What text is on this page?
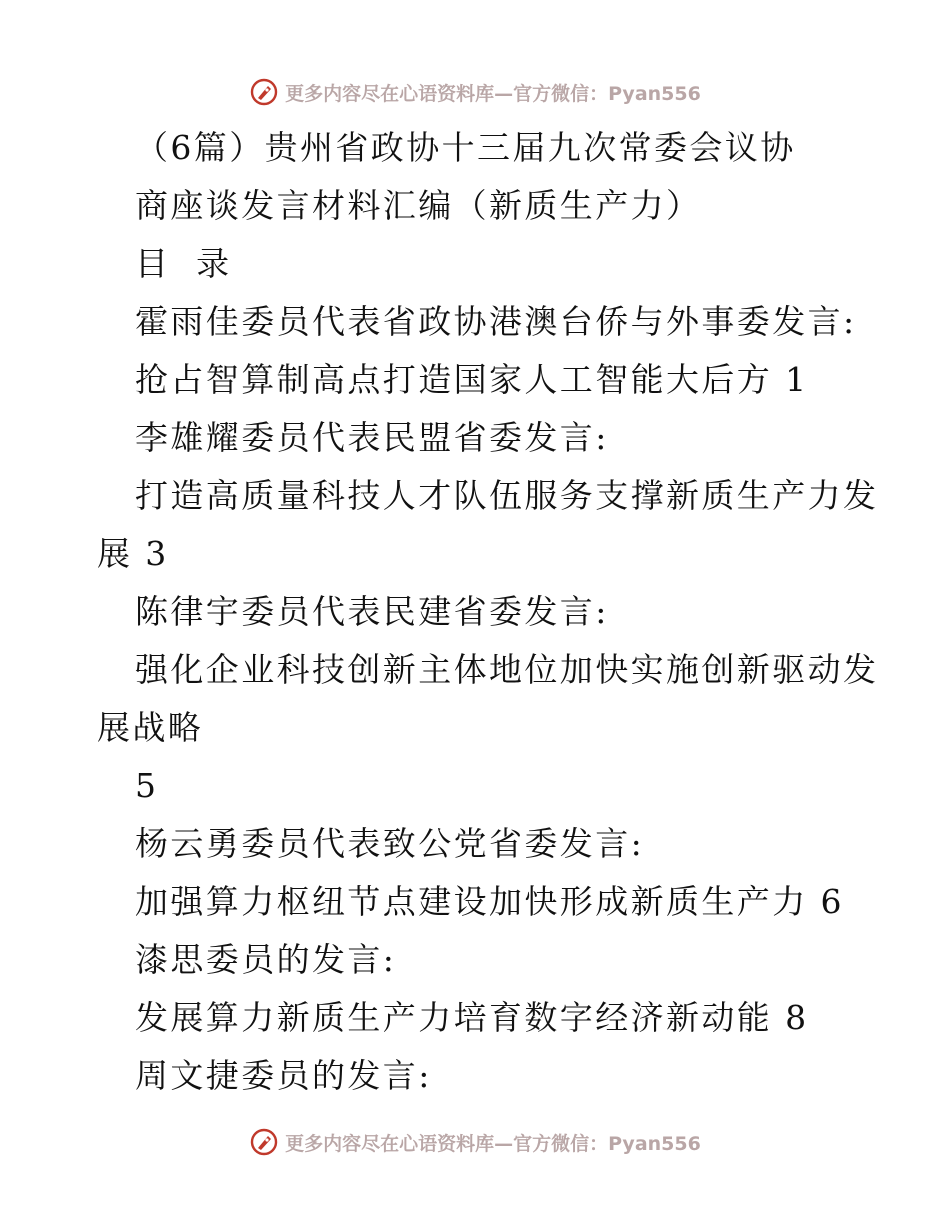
更多内容尽在心语资料库—官方微信：Pyan556
（6篇）贵州省政协十三届九次常委会议协
商座谈发言材料汇编（新质生产力）
目  录
霍雨佳委员代表省政协港澳台侨与外事委发言:
抢占智算制高点打造国家人工智能大后方 1
李雄耀委员代表民盟省委发言:
打造高质量科技人才队伍服务支撑新质生产力发
展 3
陈律宇委员代表民建省委发言:
强化企业科技创新主体地位加快实施创新驱动发
展战略
5
杨云勇委员代表致公党省委发言:
加强算力枢纽节点建设加快形成新质生产力 6
漆思委员的发言:
发展算力新质生产力培育数字经济新动能 8
周文捷委员的发言:
更多内容尽在心语资料库—官方微信：Pyan556
